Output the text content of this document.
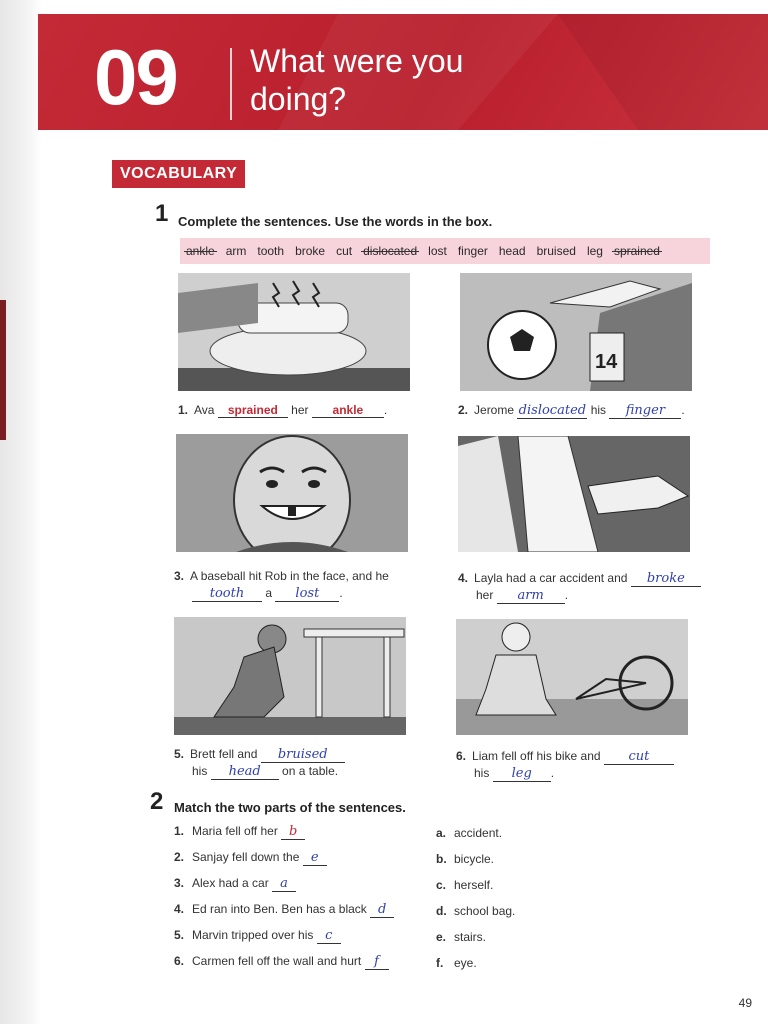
09 What were you doing?
VOCABULARY
1 Complete the sentences. Use the words in the box.
ankle arm tooth broke cut dislocated lost finger head bruised leg sprained
14
1. Ava sprained her ankle .	2. Jerome dislocated his finger .
3. A baseball hit Rob in the face, and he
tooth a lost .
4. Layla had a car accident and broke
her arm .
5. Brett fell and bruised
his head on a table.
6. Liam fell off his bike and cut
his leg .
2 Match the two parts of the sentences.
1. Maria fell off her b
2. Sanjay fell down the e
3. Alex had a car a
4. Ed ran into Ben. Ben has a black d
5. Marvin tripped over his c
6. Carmen fell off the wall and hurt f
a. accident.
b. bicycle.
c. herself.
d. school bag.
e. stairs.
f. eye.
49
